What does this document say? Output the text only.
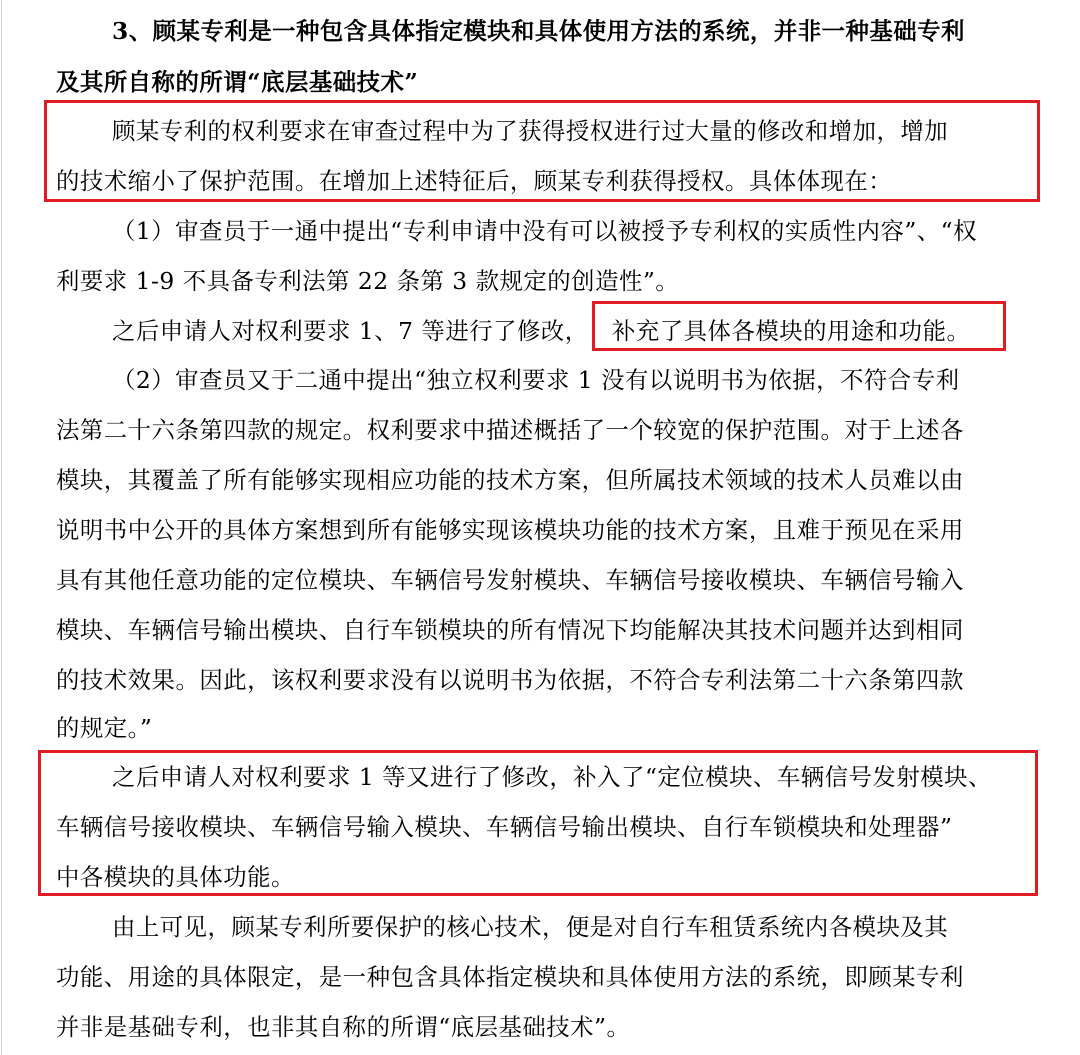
3、顾某专利是一种包含具体指定模块和具体使用方法的系统，并非一种基础专利
及其所自称的所谓“底层基础技术”
顾某专利的权利要求在审查过程中为了获得授权进行过大量的修改和增加，增加
的技术缩小了保护范围。在增加上述特征后，顾某专利获得授权。具体体现在：
（1）审查员于一通中提出“专利申请中没有可以被授予专利权的实质性内容”、“权
利要求 1-9 不具备专利法第 22 条第 3 款规定的创造性”。
之后申请人对权利要求 1、7 等进行了修改， 补充了具体各模块的用途和功能。
（2）审查员又于二通中提出“独立权利要求 1 没有以说明书为依据，不符合专利
法第二十六条第四款的规定。权利要求中描述概括了一个较宽的保护范围。对于上述各
模块，其覆盖了所有能够实现相应功能的技术方案，但所属技术领域的技术人员难以由
说明书中公开的具体方案想到所有能够实现该模块功能的技术方案，且难于预见在采用
具有其他任意功能的定位模块、车辆信号发射模块、车辆信号接收模块、车辆信号输入
模块、车辆信号输出模块、自行车锁模块的所有情况下均能解决其技术问题并达到相同
的技术效果。因此，该权利要求没有以说明书为依据，不符合专利法第二十六条第四款
的规定。”
之后申请人对权利要求 1 等又进行了修改，补入了“定位模块、车辆信号发射模块、
车辆信号接收模块、车辆信号输入模块、车辆信号输出模块、自行车锁模块和处理器”
中各模块的具体功能。
由上可见，顾某专利所要保护的核心技术，便是对自行车租赁系统内各模块及其
功能、用途的具体限定，是一种包含具体指定模块和具体使用方法的系统，即顾某专利
并非是基础专利，也非其自称的所谓“底层基础技术”。
